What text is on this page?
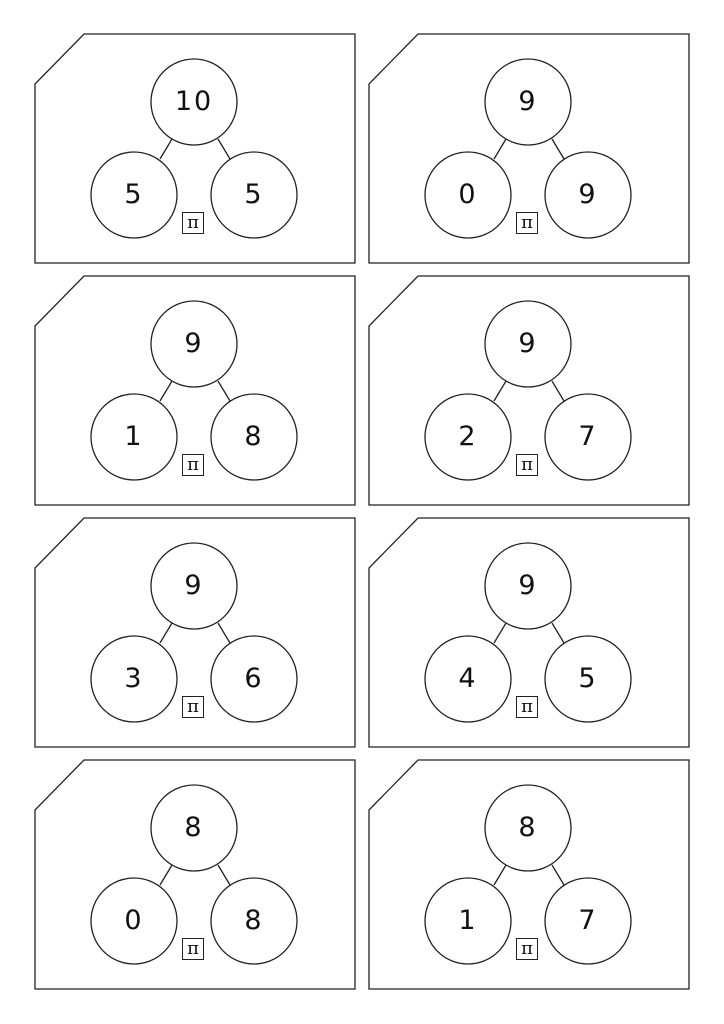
10
5	5
π
9
0	9
π
9
1	8
π
9
2	7
π
9
3	6
π
9
4	5
π
8
0	8
π
8
1	7
π
